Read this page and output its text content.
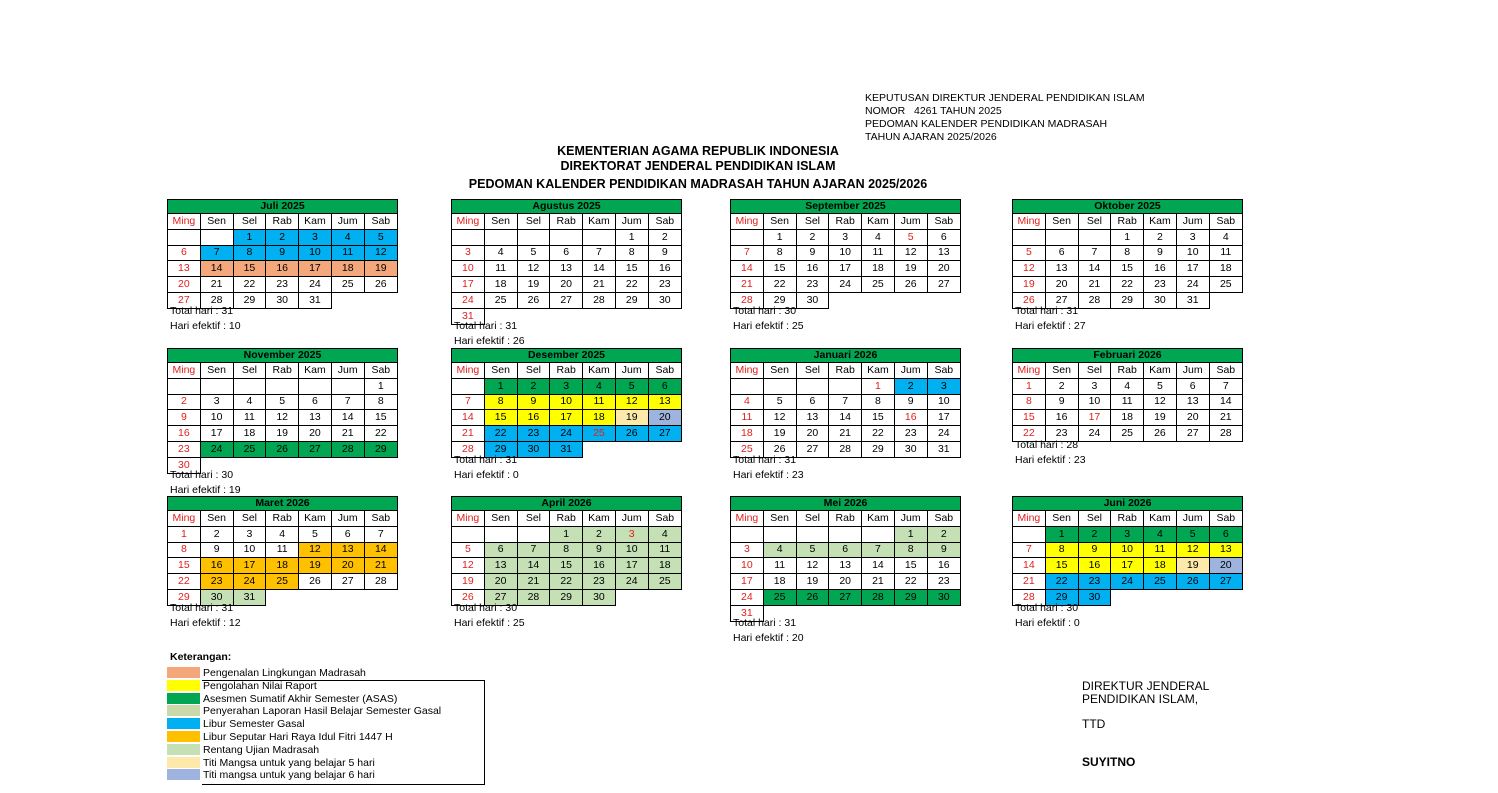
KEPUTUSAN DIREKTUR JENDERAL PENDIDIKAN ISLAM
NOMOR   4261 TAHUN 2025
PEDOMAN KALENDER PENDIDIKAN MADRASAH
TAHUN AJARAN 2025/2026
KEMENTERIAN AGAMA REPUBLIK INDONESIA
DIREKTORAT JENDERAL PENDIDIKAN ISLAM
PEDOMAN KALENDER PENDIDIKAN MADRASAH TAHUN AJARAN 2025/2026
Juli 2025						
Ming	Sen	Sel	Rab	Kam	Jum	Sab
		1	2	3	4	5
6	7	8	9	10	11	12
13	14	15	16	17	18	19
20	21	22	23	24	25	26
27	28	29	30	31		
Total hari : 31
Hari efektif : 10
Agustus 2025						
Ming	Sen	Sel	Rab	Kam	Jum	Sab
					1	2
3	4	5	6	7	8	9
10	11	12	13	14	15	16
17	18	19	20	21	22	23
24	25	26	27	28	29	30
31						
Total hari : 31
Hari efektif : 26
September 2025						
Ming	Sen	Sel	Rab	Kam	Jum	Sab
	1	2	3	4	5	6
7	8	9	10	11	12	13
14	15	16	17	18	19	20
21	22	23	24	25	26	27
28	29	30				
Total hari : 30
Hari efektif : 25
Oktober 2025						
Ming	Sen	Sel	Rab	Kam	Jum	Sab
			1	2	3	4
5	6	7	8	9	10	11
12	13	14	15	16	17	18
19	20	21	22	23	24	25
26	27	28	29	30	31	
Total hari : 31
Hari efektif : 27
November 2025						
Ming	Sen	Sel	Rab	Kam	Jum	Sab
						1
2	3	4	5	6	7	8
9	10	11	12	13	14	15
16	17	18	19	20	21	22
23	24	25	26	27	28	29
30						
Total hari : 30
Hari efektif : 19
Desember 2025						
Ming	Sen	Sel	Rab	Kam	Jum	Sab
	1	2	3	4	5	6
7	8	9	10	11	12	13
14	15	16	17	18	19	20
21	22	23	24	25	26	27
28	29	30	31			
Total hari : 31
Hari efektif : 0
Januari 2026						
Ming	Sen	Sel	Rab	Kam	Jum	Sab
				1	2	3
4	5	6	7	8	9	10
11	12	13	14	15	16	17
18	19	20	21	22	23	24
25	26	27	28	29	30	31
Total hari : 31
Hari efektif : 23
Februari 2026						
Ming	Sen	Sel	Rab	Kam	Jum	Sab
1	2	3	4	5	6	7
8	9	10	11	12	13	14
15	16	17	18	19	20	21
22	23	24	25	26	27	28
Total hari : 28
Hari efektif : 23
Maret 2026						
Ming	Sen	Sel	Rab	Kam	Jum	Sab
1	2	3	4	5	6	7
8	9	10	11	12	13	14
15	16	17	18	19	20	21
22	23	24	25	26	27	28
29	30	31				
Total hari : 31
Hari efektif : 12
April 2026						
Ming	Sen	Sel	Rab	Kam	Jum	Sab
			1	2	3	4
5	6	7	8	9	10	11
12	13	14	15	16	17	18
19	20	21	22	23	24	25
26	27	28	29	30		
Total hari : 30
Hari efektif : 25
Mei 2026						
Ming	Sen	Sel	Rab	Kam	Jum	Sab
					1	2
3	4	5	6	7	8	9
10	11	12	13	14	15	16
17	18	19	20	21	22	23
24	25	26	27	28	29	30
31						
Total hari : 31
Hari efektif : 20
Juni 2026						
Ming	Sen	Sel	Rab	Kam	Jum	Sab
	1	2	3	4	5	6
7	8	9	10	11	12	13
14	15	16	17	18	19	20
21	22	23	24	25	26	27
28	29	30				
Total hari : 30
Hari efektif : 0
Keterangan:
Pengenalan Lingkungan Madrasah
Pengolahan Nilai Raport
Asesmen Sumatif Akhir Semester (ASAS)
Penyerahan Laporan Hasil Belajar Semester Gasal
Libur Semester Gasal
Libur Seputar Hari Raya Idul Fitri 1447 H
Rentang Ujian Madrasah
Titi Mangsa untuk yang belajar 5 hari
Titi mangsa untuk yang belajar 6 hari
DIREKTUR JENDERAL
PENDIDIKAN ISLAM,
TTD
SUYITNO
